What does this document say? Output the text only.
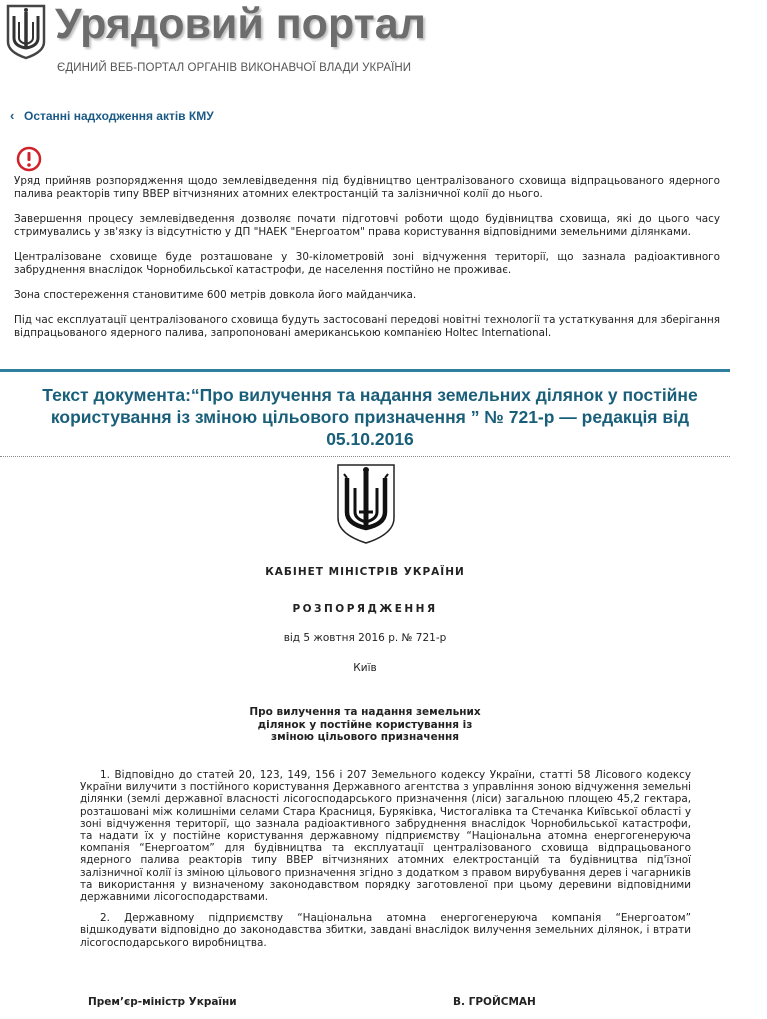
Урядовий портал
ЄДИНИЙ ВЕБ-ПОРТАЛ ОРГАНІВ ВИКОНАВЧОЇ ВЛАДИ УКРАЇНИ
‹ Останні надходження актів КМУ

Уряд прийняв розпорядження щодо землевідведення під будівництво централізованого сховища відпрацьованого ядерного палива реакторів типу ВВЕР вітчизняних атомних електростанцій та залізничної колії до нього.

Завершення процесу землевідведення дозволяє почати підготовчі роботи щодо будівництва сховища, які до цього часу стримувались у зв'язку із відсутністю у ДП "НАЕК "Енергоатом" права користування відповідними земельними ділянками.

Централізоване сховище буде розташоване у 30-кілометровій зоні відчуження території, що зазнала радіоактивного забруднення внаслідок Чорнобильської катастрофи, де населення постійно не проживає.

Зона спостереження становитиме 600 метрів довкола його майданчика.

Під час експлуатації централізованого сховища будуть застосовані передові новітні технології та устаткування для зберігання відпрацьованого ядерного палива, запропоновані американською компанією Holtec International.

Текст документа:“Про вилучення та надання земельних ділянок у постійне користування із зміною цільового призначення ” № 721-р — редакція від 05.10.2016
КАБІНЕТ МІНІСТРІВ УКРАЇНИ
РОЗПОРЯДЖЕННЯ
від 5 жовтня 2016 р. № 721-р
Київ
Про вилучення та надання земельних
ділянок у постійне користування із
зміною цільового призначення

1. Відповідно до статей 20, 123, 149, 156 і 207 Земельного кодексу України, статті 58 Лісового кодексу України вилучити з постійного користування Державного агентства з управління зоною відчуження земельні ділянки (землі державної власності лісогосподарського призначення (ліси) загальною площею 45,2 гектара, розташовані між колишніми селами Стара Красниця, Буряківка, Чистогалівка та Стечанка Київської області у зоні відчуження території, що зазнала радіоактивного забруднення внаслідок Чорнобильської катастрофи, та надати їх у постійне користування державному підприємству “Національна атомна енергогенеруюча компанія “Енергоатом” для будівництва та експлуатації централізованого сховища відпрацьованого ядерного палива реакторів типу ВВЕР вітчизняних атомних електростанцій та будівництва під'їзної залізничної колії із зміною цільового призначення згідно з додатком з правом вирубування дерев і чагарників та використання у визначеному законодавством порядку заготовленої при цьому деревини відповідними державними лісогосподарствами.

2. Державному підприємству “Національна атомна енергогенеруюча компанія “Енергоатом” відшкодувати відповідно до законодавства збитки, завдані внаслідок вилучення земельних ділянок, і втрати лісогосподарського виробництва.

Прем’єр-міністр України	В. ГРОЙСМАН
